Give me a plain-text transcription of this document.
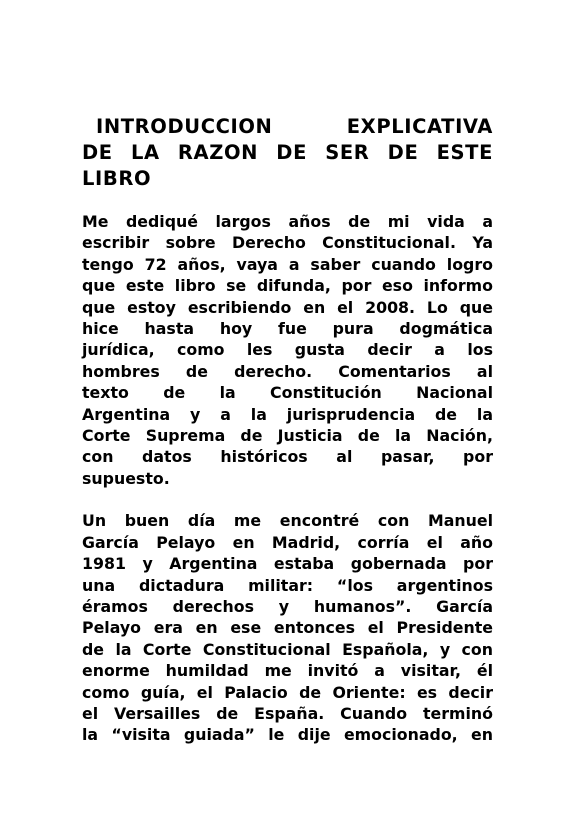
INTRODUCCION EXPLICATIVA
DE LA RAZON DE SER DE ESTE
LIBRO

Me dediqué largos años de mi vida a
escribir sobre Derecho Constitucional. Ya
tengo 72 años, vaya a saber cuando logro
que este libro se difunda, por eso informo
que estoy escribiendo en el 2008. Lo que
hice hasta hoy fue pura dogmática
jurídica, como les gusta decir a los
hombres de derecho. Comentarios al
texto de la Constitución Nacional
Argentina y a la jurisprudencia de la
Corte Suprema de Justicia de la Nación,
con datos históricos al pasar, por
supuesto.

Un buen día me encontré con Manuel
García Pelayo en Madrid, corría el año
1981 y Argentina estaba gobernada por
una dictadura militar: “los argentinos
éramos derechos y humanos”. García
Pelayo era en ese entonces el Presidente
de la Corte Constitucional Española, y con
enorme humildad me invitó a visitar, él
como guía, el Palacio de Oriente: es decir
el Versailles de España. Cuando terminó
la “visita guiada” le dije emocionado, en
